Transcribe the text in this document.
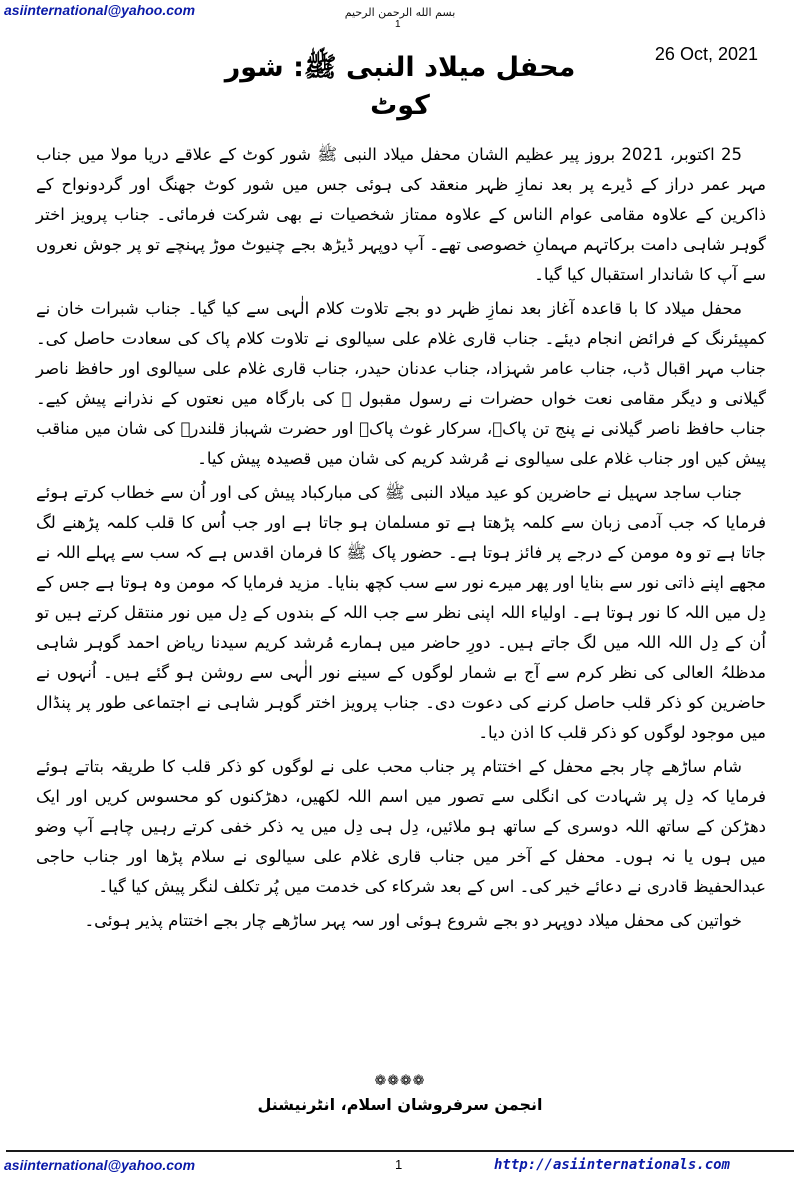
asiinternational@yahoo.com	بسم الله الرحمن الرحیم
1
26 Oct, 2021
محفل میلاد النبی ﷺ: شور کوٹ

25 اکتوبر، 2021 بروز پیر عظیم الشان محفل میلاد النبی ﷺ شور کوٹ کے علاقے دریا مولا میں جناب مہر عمر دراز کے ڈیرے پر بعد نمازِ ظہر منعقد کی ہوئی جس میں شور کوٹ جھنگ اور گردونواح کے ذاکرین کے علاوہ مقامی عوام الناس کے علاوہ ممتاز شخصیات نے بھی شرکت فرمائی۔ جناب پرویز اختر گوہر شاہی دامت برکاتہم مہمانِ خصوصی تھے۔ آپ دوپہر ڈیڑھ بجے چنیوٹ موڑ پہنچے تو پر جوش نعروں سے آپ کا شاندار استقبال کیا گیا۔

محفل میلاد کا با قاعدہ آغاز بعد نمازِ ظہر دو بجے تلاوت کلام الٰہی سے کیا گیا۔ جناب شبرات خان نے کمپیئرنگ کے فرائض انجام دیئے۔ جناب قاری غلام علی سیالوی نے تلاوت کلام پاک کی سعادت حاصل کی۔ جناب مہر اقبال ڈب، جناب عامر شہزاد، جناب عدنان حیدر، جناب قاری غلام علی سیالوی اور حافظ ناصر گیلانی و دیگر مقامی نعت خواں حضرات نے رسول مقبول ﷺ کی بارگاہ میں نعتوں کے نذرانے پیش کیے۔ جناب حافظ ناصر گیلانی نے پنج تن پاکؑ، سرکار غوث پاکؒ اور حضرت شہباز قلندرؒ کی شان میں مناقب پیش کیں اور جناب غلام علی سیالوی نے مُرشد کریم کی شان میں قصیدہ پیش کیا۔

جناب ساجد سہیل نے حاضرین کو عید میلاد النبی ﷺ کی مبارکباد پیش کی اور اُن سے خطاب کرتے ہوئے فرمایا کہ جب آدمی زبان سے کلمہ پڑھتا ہے تو مسلمان ہو جاتا ہے اور جب اُس کا قلب کلمہ پڑھنے لگ جاتا ہے تو وہ مومن کے درجے پر فائز ہوتا ہے۔ حضور پاک ﷺ کا فرمان اقدس ہے کہ سب سے پہلے اللہ نے مجھے اپنے ذاتی نور سے بنایا اور پھر میرے نور سے سب کچھ بنایا۔ مزید فرمایا کہ مومن وہ ہوتا ہے جس کے دِل میں اللہ کا نور ہوتا ہے۔ اولیاء اللہ اپنی نظر سے جب اللہ کے بندوں کے دِل میں نور منتقل کرتے ہیں تو اُن کے دِل اللہ اللہ میں لگ جاتے ہیں۔ دورِ حاضر میں ہمارے مُرشد کریم سیدنا ریاض احمد گوہر شاہی مدظلہُ العالی کی نظر کرم سے آج بے شمار لوگوں کے سینے نور الٰہی سے روشن ہو گئے ہیں۔ اُنہوں نے حاضرین کو ذکر قلب حاصل کرنے کی دعوت دی۔ جناب پرویز اختر گوہر شاہی نے اجتماعی طور پر پنڈال میں موجود لوگوں کو ذکر قلب کا اذن دیا۔

شام ساڑھے چار بجے محفل کے اختتام پر جناب محب علی نے لوگوں کو ذکر قلب کا طریقہ بتاتے ہوئے فرمایا کہ دِل پر شہادت کی انگلی سے تصور میں اسم اللہ لکھیں، دھڑکنوں کو محسوس کریں اور ایک دھڑکن کے ساتھ اللہ دوسری کے ساتھ ہو ملائیں، دِل ہی دِل میں یہ ذکر خفی کرتے رہیں چاہے آپ وضو میں ہوں یا نہ ہوں۔ محفل کے آخر میں جناب قاری غلام علی سیالوی نے سلام پڑھا اور جناب حاجی عبدالحفیظ قادری نے دعائے خیر کی۔ اس کے بعد شرکاء کی خدمت میں پُر تکلف لنگر پیش کیا گیا۔

خواتین کی محفل میلاد دوپہر دو بجے شروع ہوئی اور سہ پہر ساڑھے چار بجے اختتام پذیر ہوئی۔

❁❁❁❁
انجمن سرفروشان اسلام، انٹرنیشنل
asiinternational@yahoo.com	1	http://asiinternationals.com
